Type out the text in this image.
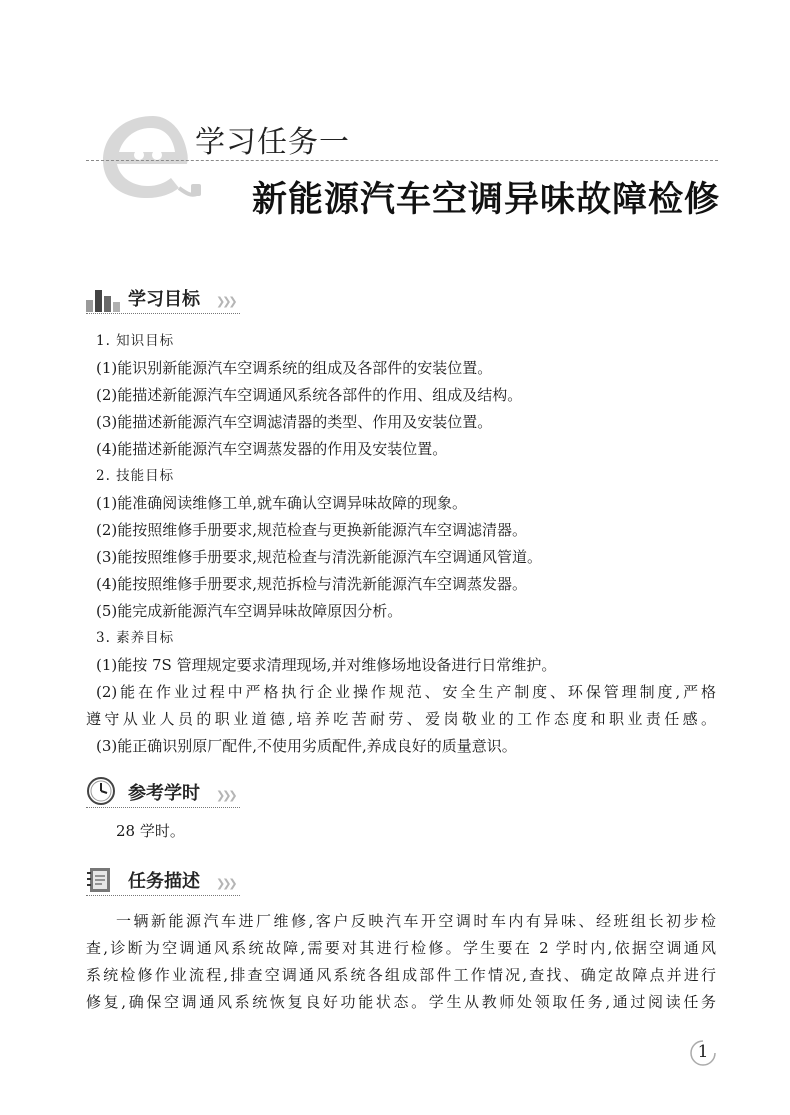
学习任务一
新能源汽车空调异味故障检修
学习目标 ❯❯❯
1. 知识目标
(1)能识别新能源汽车空调系统的组成及各部件的安装位置。
(2)能描述新能源汽车空调通风系统各部件的作用、组成及结构。
(3)能描述新能源汽车空调滤清器的类型、作用及安装位置。
(4)能描述新能源汽车空调蒸发器的作用及安装位置。
2. 技能目标
(1)能准确阅读维修工单,就车确认空调异味故障的现象。
(2)能按照维修手册要求,规范检查与更换新能源汽车空调滤清器。
(3)能按照维修手册要求,规范检查与清洗新能源汽车空调通风管道。
(4)能按照维修手册要求,规范拆检与清洗新能源汽车空调蒸发器。
(5)能完成新能源汽车空调异味故障原因分析。
3. 素养目标
(1)能按 7S 管理规定要求清理现场,并对维修场地设备进行日常维护。
(2)能在作业过程中严格执行企业操作规范、安全生产制度、环保管理制度,严格
遵守从业人员的职业道德,培养吃苦耐劳、爱岗敬业的工作态度和职业责任感。
(3)能正确识别原厂配件,不使用劣质配件,养成良好的质量意识。
参考学时 ❯❯❯
28 学时。
任务描述 ❯❯❯
一辆新能源汽车进厂维修,客户反映汽车开空调时车内有异味、经班组长初步检
查,诊断为空调通风系统故障,需要对其进行检修。学生要在 2 学时内,依据空调通风
系统检修作业流程,排查空调通风系统各组成部件工作情况,查找、确定故障点并进行
修复,确保空调通风系统恢复良好功能状态。学生从教师处领取任务,通过阅读任务
1
